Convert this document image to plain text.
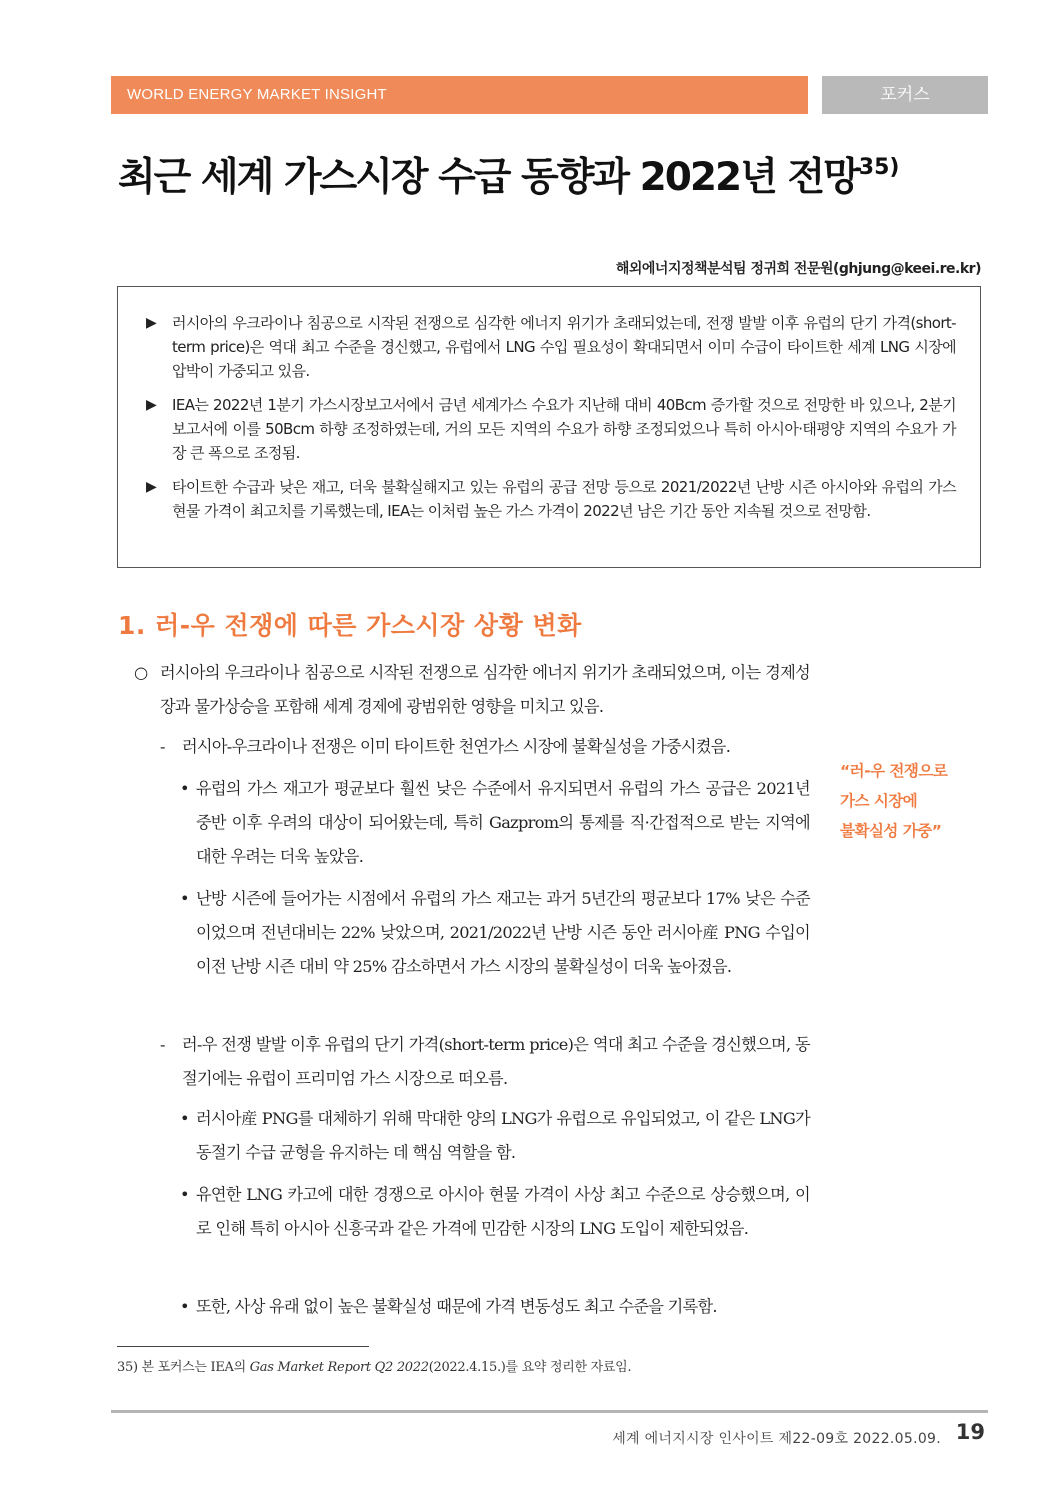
WORLD ENERGY MARKET INSIGHT	포커스
최근 세계 가스시장 수급 동향과 2022년 전망$^{35)}$
해외에너지정책분석팀 정귀희 전문원(ghjung@keei.re.kr)
▶ 러시아의 우크라이나 침공으로 시작된 전쟁으로 심각한 에너지 위기가 초래되었는데, 전쟁 발발 이후 유럽의 단기 가격(short-term price)은 역대 최고 수준을 경신했고, 유럽에서 LNG 수입 필요성이 확대되면서 이미 수급이 타이트한 세계 LNG 시장에 압박이 가중되고 있음.
▶ IEA는 2022년 1분기 가스시장보고서에서 금년 세계가스 수요가 지난해 대비 40Bcm 증가할 것으로 전망한 바 있으나, 2분기 보고서에 이를 50Bcm 하향 조정하였는데, 거의 모든 지역의 수요가 하향 조정되었으나 특히 아시아·태평양 지역의 수요가 가장 큰 폭으로 조정됨.
▶ 타이트한 수급과 낮은 재고, 더욱 불확실해지고 있는 유럽의 공급 전망 등으로 2021/2022년 난방 시즌 아시아와 유럽의 가스 현물 가격이 최고치를 기록했는데, IEA는 이처럼 높은 가스 가격이 2022년 남은 기간 동안 지속될 것으로 전망함.
1. 러-우 전쟁에 따른 가스시장 상황 변화
○ 러시아의 우크라이나 침공으로 시작된 전쟁으로 심각한 에너지 위기가 초래되었으며, 이는 경제성장과 물가상승을 포함해 세계 경제에 광범위한 영향을 미치고 있음.
- 러시아-우크라이나 전쟁은 이미 타이트한 천연가스 시장에 불확실성을 가중시켰음.
• 유럽의 가스 재고가 평균보다 훨씬 낮은 수준에서 유지되면서 유럽의 가스 공급은 2021년 중반 이후 우려의 대상이 되어왔는데, 특히 Gazprom의 통제를 직·간접적으로 받는 지역에 대한 우려는 더욱 높았음.
• 난방 시즌에 들어가는 시점에서 유럽의 가스 재고는 과거 5년간의 평균보다 17% 낮은 수준이었으며 전년대비는 22% 낮았으며, 2021/2022년 난방 시즌 동안 러시아産 PNG 수입이 이전 난방 시즌 대비 약 25% 감소하면서 가스 시장의 불확실성이 더욱 높아졌음.
- 러-우 전쟁 발발 이후 유럽의 단기 가격(short-term price)은 역대 최고 수준을 경신했으며, 동절기에는 유럽이 프리미엄 가스 시장으로 떠오름.
• 러시아産 PNG를 대체하기 위해 막대한 양의 LNG가 유럽으로 유입되었고, 이 같은 LNG가 동절기 수급 균형을 유지하는 데 핵심 역할을 함.
• 유연한 LNG 카고에 대한 경쟁으로 아시아 현물 가격이 사상 최고 수준으로 상승했으며, 이로 인해 특히 아시아 신흥국과 같은 가격에 민감한 시장의 LNG 도입이 제한되었음.
• 또한, 사상 유래 없이 높은 불확실성 때문에 가격 변동성도 최고 수준을 기록함.
“러-우 전쟁으로
가스 시장에
불확실성 가중”
35) 본 포커스는 IEA의 Gas Market Report Q2 2022(2022.4.15.)를 요약 정리한 자료임.
세계 에너지시장 인사이트 제22-09호 2022.05.09. 19
